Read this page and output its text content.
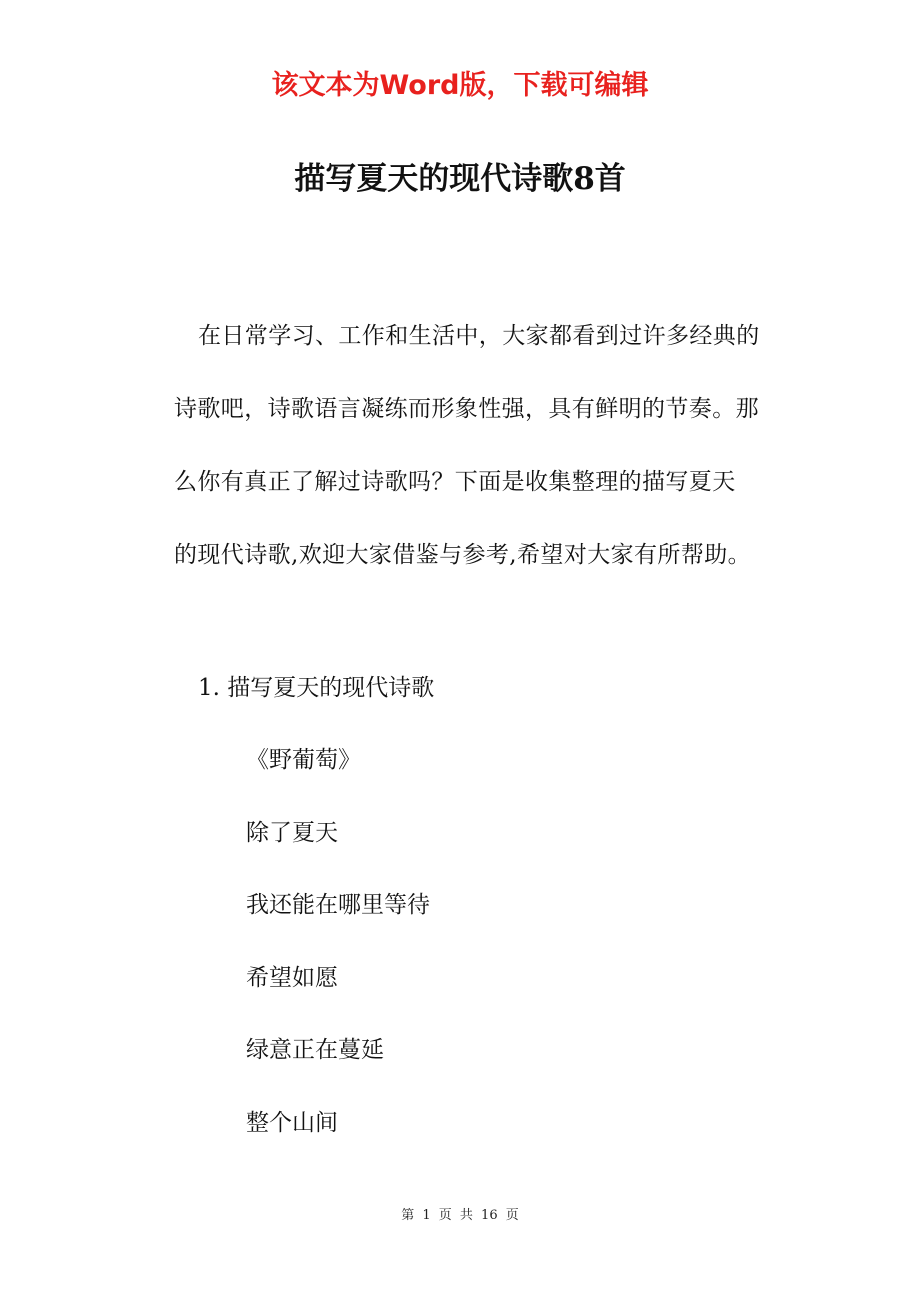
该文本为Word版，下载可编辑
描写夏天的现代诗歌8首

在日常学习、工作和生活中，大家都看到过许多经典的
诗歌吧，诗歌语言凝练而形象性强，具有鲜明的节奏。那
么你有真正了解过诗歌吗？下面是收集整理的描写夏天
的现代诗歌,欢迎大家借鉴与参考,希望对大家有所帮助。

1. 描写夏天的现代诗歌
《野葡萄》
除了夏天
我还能在哪里等待
希望如愿
绿意正在蔓延
整个山间
第 1 页 共 16 页
